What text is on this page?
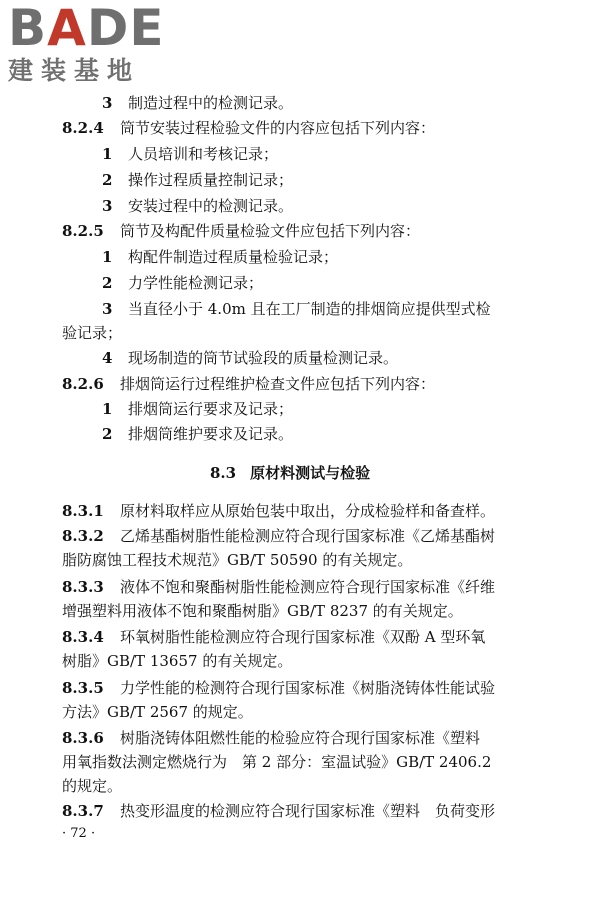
BADE
建装基地
3 制造过程中的检测记录。
8.2.4 筒节安装过程检验文件的内容应包括下列内容：
1 人员培训和考核记录；
2 操作过程质量控制记录；
3 安装过程中的检测记录。
8.2.5 筒节及构配件质量检验文件应包括下列内容：
1 构配件制造过程质量检验记录；
2 力学性能检测记录；
3 当直径小于 4.0m 且在工厂制造的排烟筒应提供型式检
验记录；
4 现场制造的筒节试验段的质量检测记录。
8.2.6 排烟筒运行过程维护检查文件应包括下列内容：
1 排烟筒运行要求及记录；
2 排烟筒维护要求及记录。
8.3 原材料测试与检验
8.3.1 原材料取样应从原始包装中取出，分成检验样和备查样。
8.3.2 乙烯基酯树脂性能检测应符合现行国家标准《乙烯基酯树
脂防腐蚀工程技术规范》GB/T 50590 的有关规定。
8.3.3 液体不饱和聚酯树脂性能检测应符合现行国家标准《纤维
增强塑料用液体不饱和聚酯树脂》GB/T 8237 的有关规定。
8.3.4 环氧树脂性能检测应符合现行国家标准《双酚 A 型环氧
树脂》GB/T 13657 的有关规定。
8.3.5 力学性能的检测符合现行国家标准《树脂浇铸体性能试验
方法》GB/T 2567 的规定。
8.3.6 树脂浇铸体阻燃性能的检验应符合现行国家标准《塑料
用氧指数法测定燃烧行为　第 2 部分：室温试验》GB/T 2406.2
的规定。
8.3.7 热变形温度的检测应符合现行国家标准《塑料　负荷变形
· 72 ·
